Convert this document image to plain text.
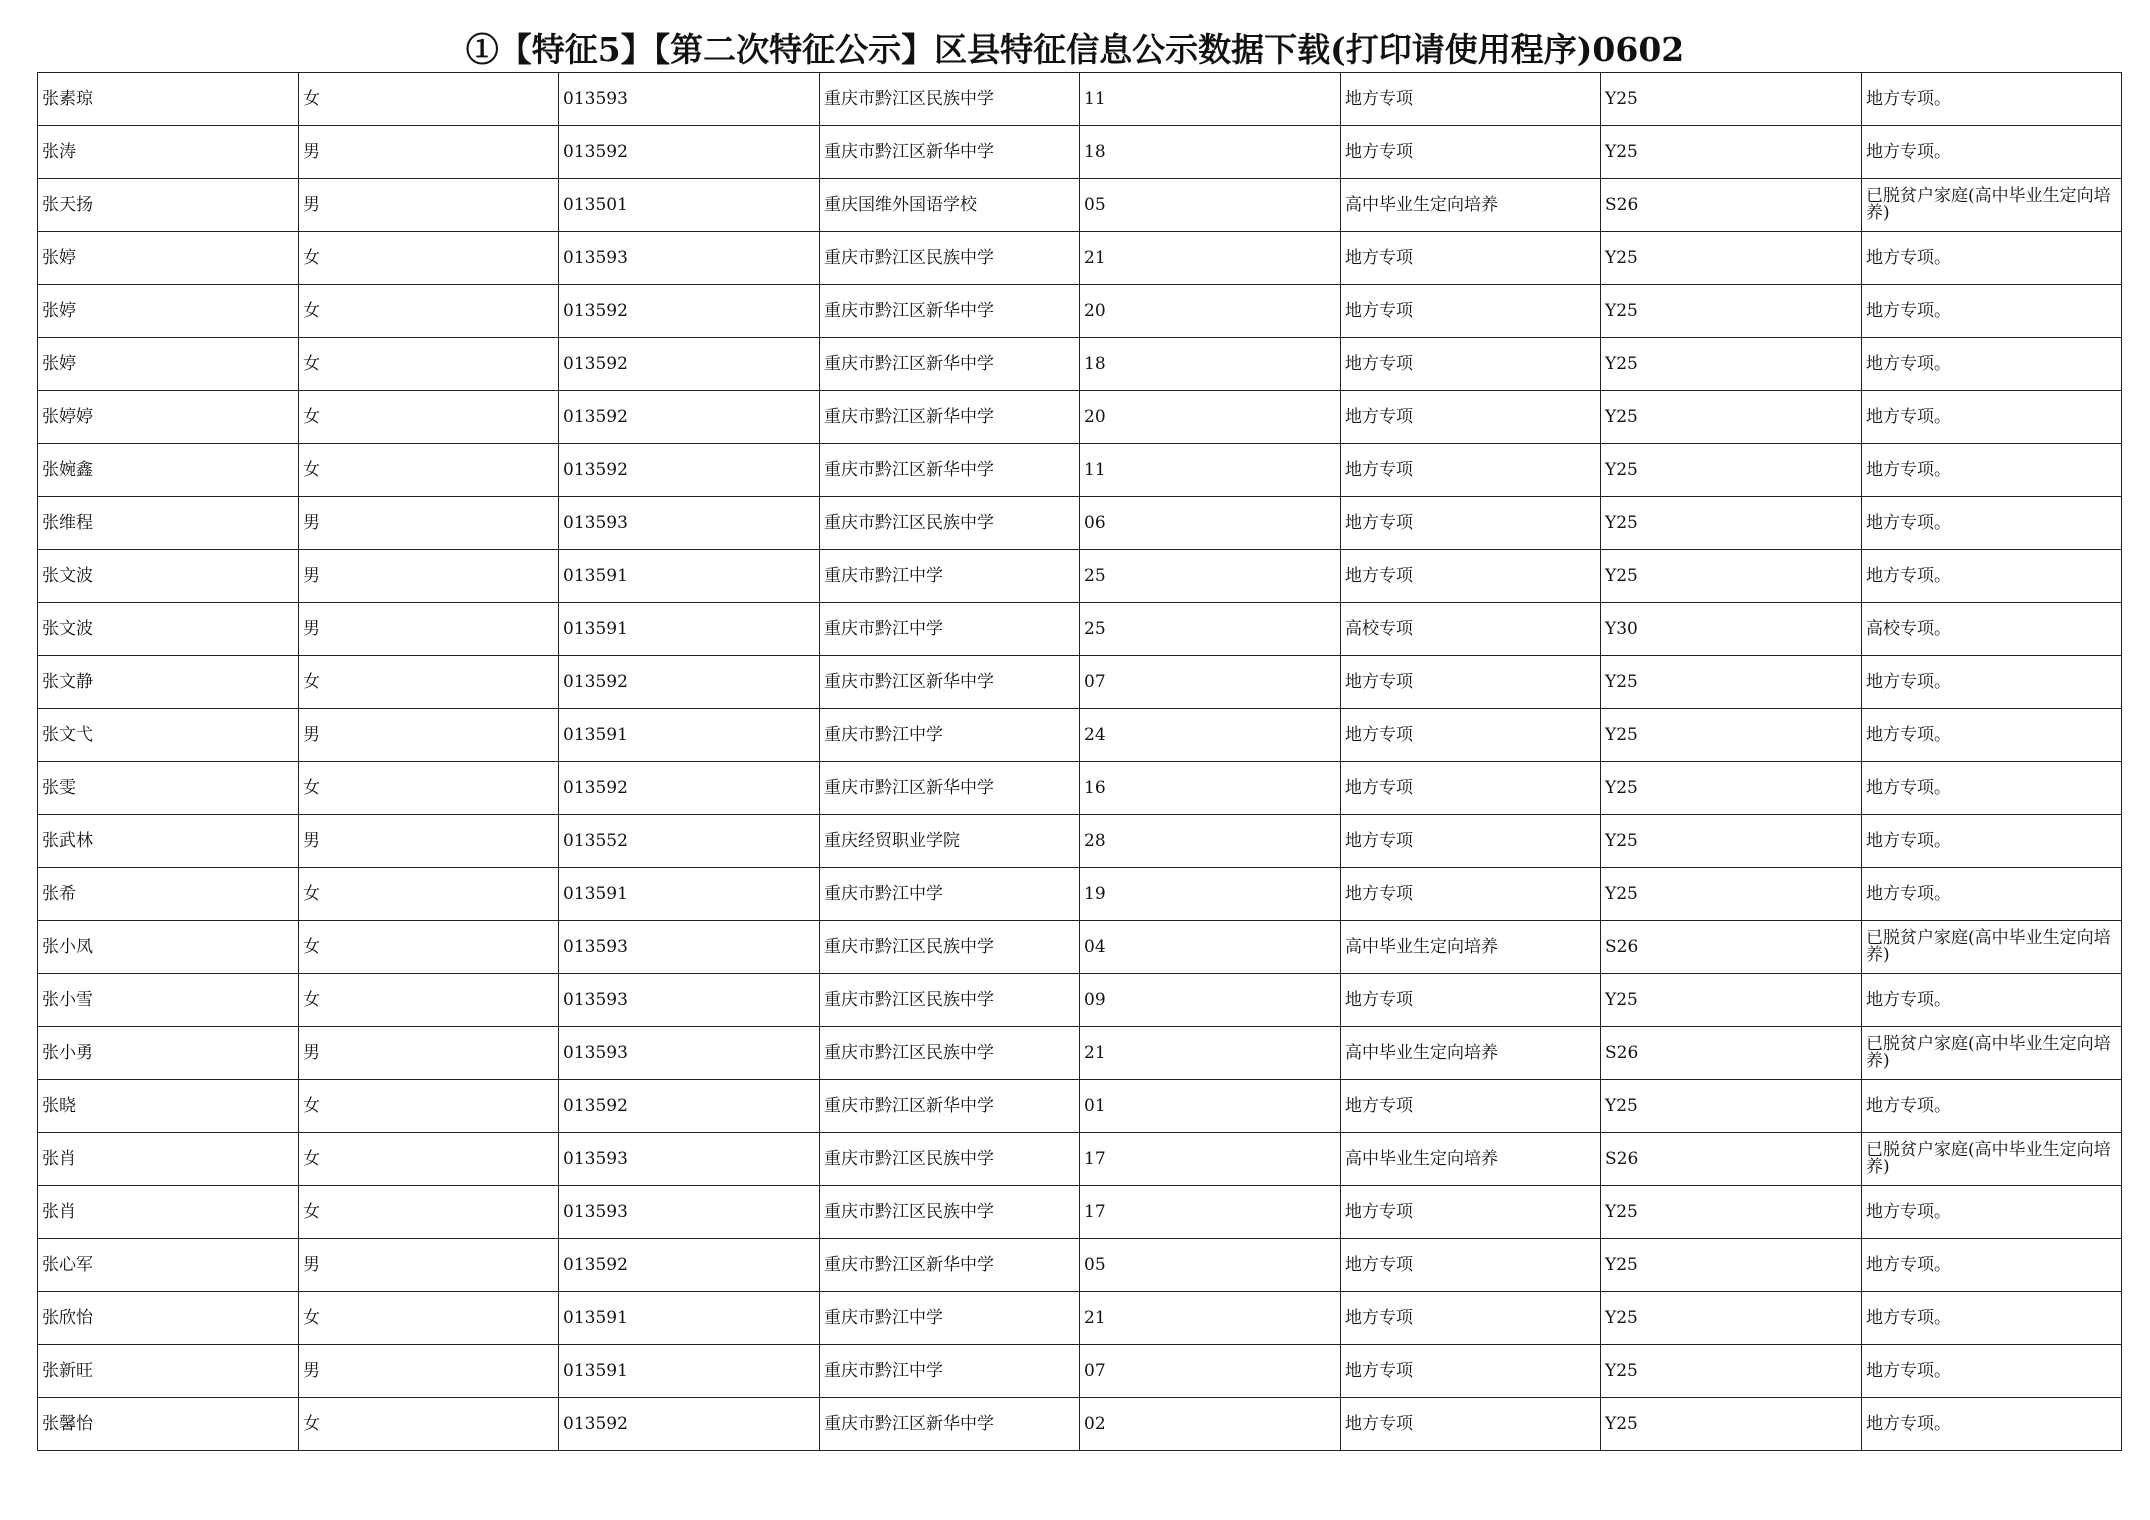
①【特征5】【第二次特征公示】区县特征信息公示数据下载(打印请使用程序)0602
张素琼	女	013593	重庆市黔江区民族中学	11	地方专项	Y25	地方专项。
张涛	男	013592	重庆市黔江区新华中学	18	地方专项	Y25	地方专项。
张天扬	男	013501	重庆国维外国语学校	05	高中毕业生定向培养	S26	已脱贫户家庭(高中毕业生定向培养)
张婷	女	013593	重庆市黔江区民族中学	21	地方专项	Y25	地方专项。
张婷	女	013592	重庆市黔江区新华中学	20	地方专项	Y25	地方专项。
张婷	女	013592	重庆市黔江区新华中学	18	地方专项	Y25	地方专项。
张婷婷	女	013592	重庆市黔江区新华中学	20	地方专项	Y25	地方专项。
张婉鑫	女	013592	重庆市黔江区新华中学	11	地方专项	Y25	地方专项。
张维程	男	013593	重庆市黔江区民族中学	06	地方专项	Y25	地方专项。
张文波	男	013591	重庆市黔江中学	25	地方专项	Y25	地方专项。
张文波	男	013591	重庆市黔江中学	25	高校专项	Y30	高校专项。
张文静	女	013592	重庆市黔江区新华中学	07	地方专项	Y25	地方专项。
张文弋	男	013591	重庆市黔江中学	24	地方专项	Y25	地方专项。
张雯	女	013592	重庆市黔江区新华中学	16	地方专项	Y25	地方专项。
张武林	男	013552	重庆经贸职业学院	28	地方专项	Y25	地方专项。
张希	女	013591	重庆市黔江中学	19	地方专项	Y25	地方专项。
张小凤	女	013593	重庆市黔江区民族中学	04	高中毕业生定向培养	S26	已脱贫户家庭(高中毕业生定向培养)
张小雪	女	013593	重庆市黔江区民族中学	09	地方专项	Y25	地方专项。
张小勇	男	013593	重庆市黔江区民族中学	21	高中毕业生定向培养	S26	已脱贫户家庭(高中毕业生定向培养)
张晓	女	013592	重庆市黔江区新华中学	01	地方专项	Y25	地方专项。
张肖	女	013593	重庆市黔江区民族中学	17	高中毕业生定向培养	S26	已脱贫户家庭(高中毕业生定向培养)
张肖	女	013593	重庆市黔江区民族中学	17	地方专项	Y25	地方专项。
张心军	男	013592	重庆市黔江区新华中学	05	地方专项	Y25	地方专项。
张欣怡	女	013591	重庆市黔江中学	21	地方专项	Y25	地方专项。
张新旺	男	013591	重庆市黔江中学	07	地方专项	Y25	地方专项。
张馨怡	女	013592	重庆市黔江区新华中学	02	地方专项	Y25	地方专项。
